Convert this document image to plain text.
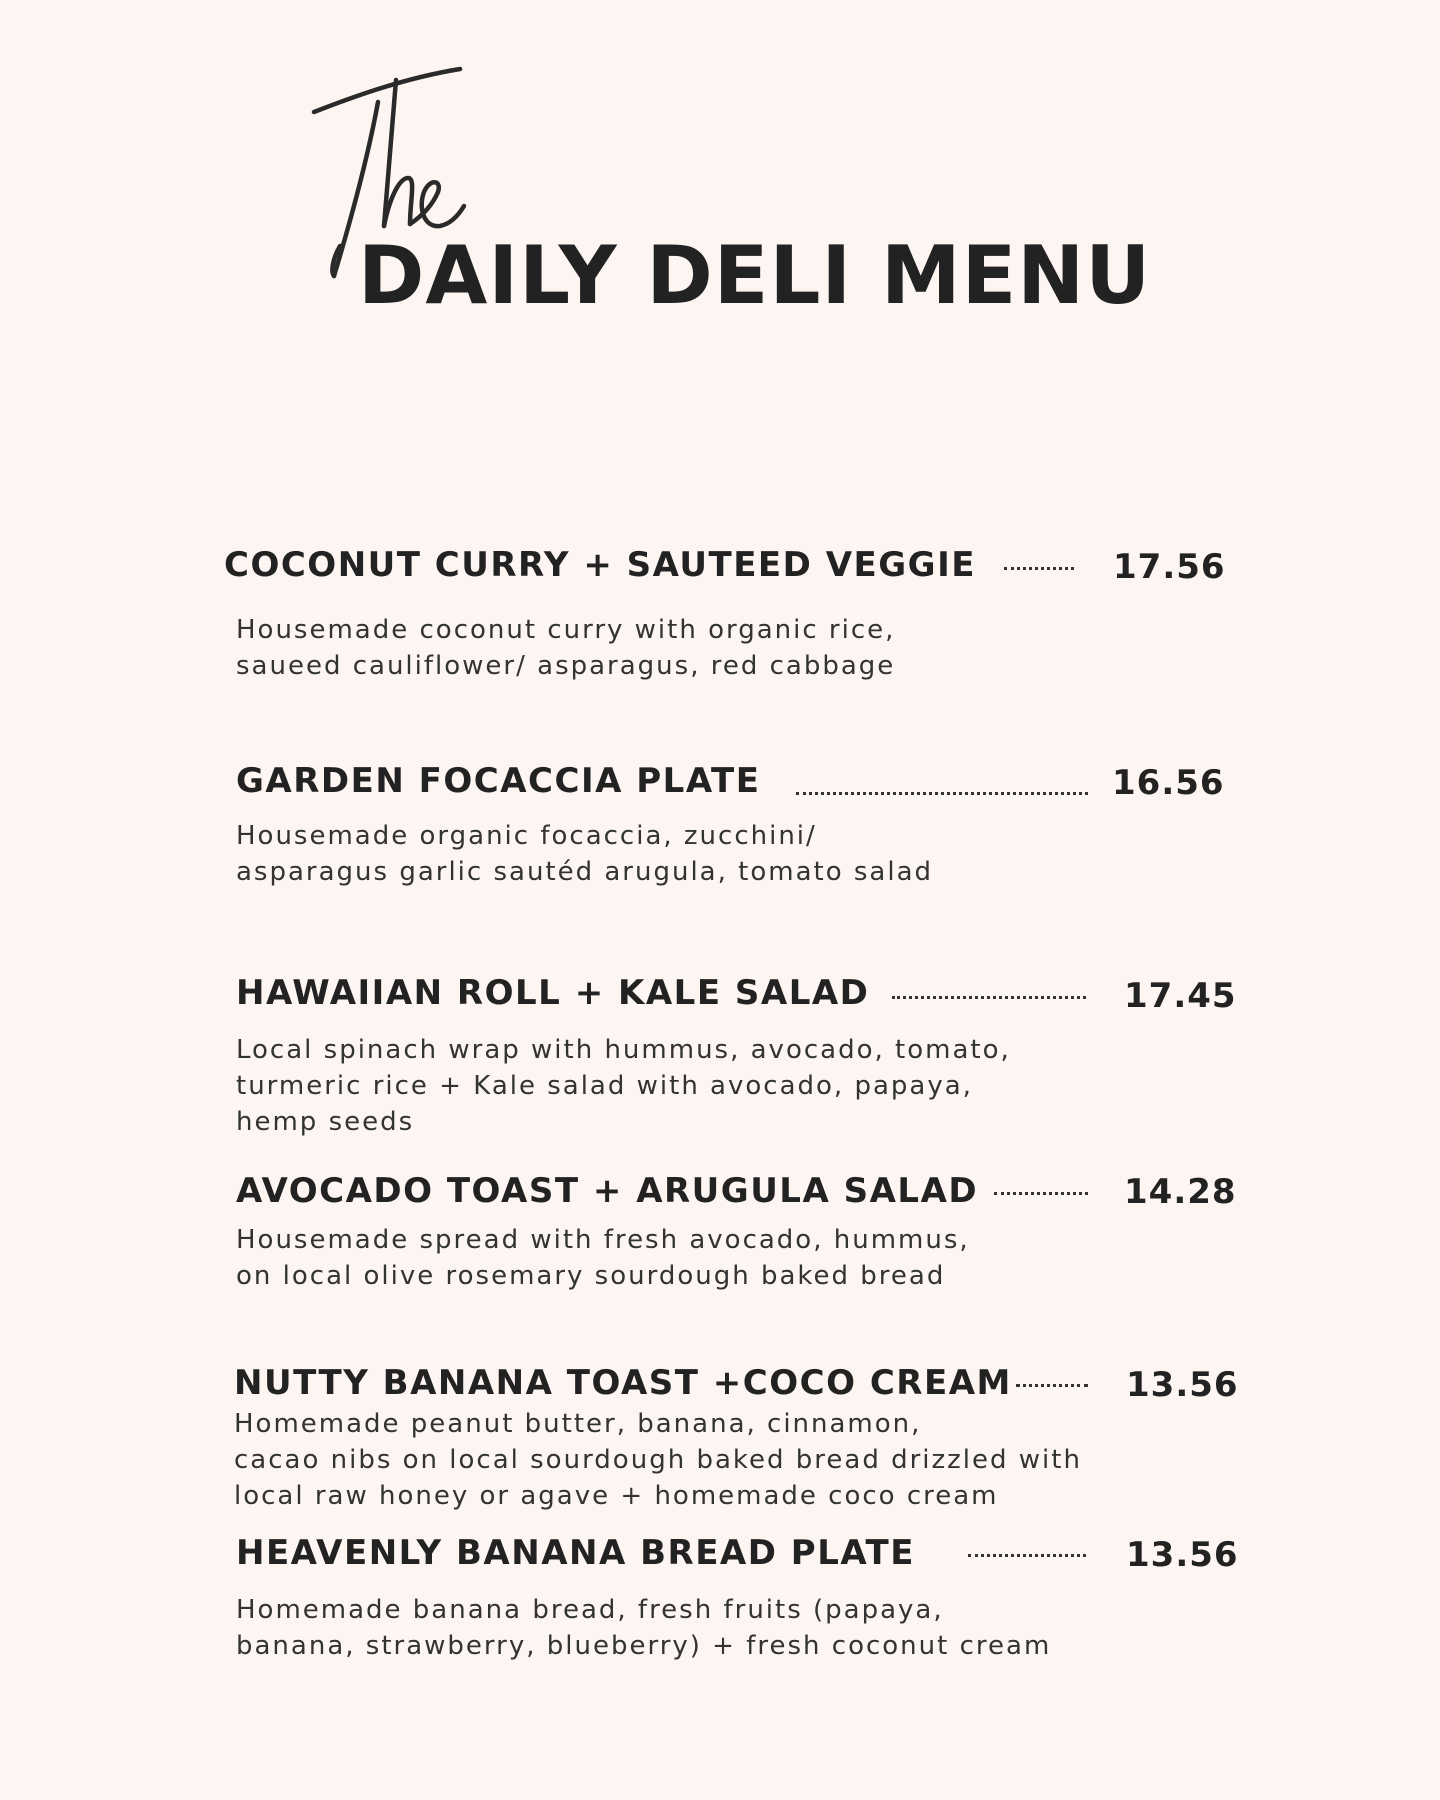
DAILY DELI MENU
COCONUT CURRY + SAUTEED VEGGIE	17.56

Housemade coconut curry with organic rice,
saueed cauliflower/ asparagus, red cabbage

GARDEN FOCACCIA PLATE	16.56

Housemade organic focaccia, zucchini/
asparagus garlic sautéd arugula, tomato salad

HAWAIIAN ROLL + KALE SALAD	17.45

Local spinach wrap with hummus, avocado, tomato,
turmeric rice + Kale salad with avocado, papaya,
hemp seeds

AVOCADO TOAST + ARUGULA SALAD	14.28

Housemade spread with fresh avocado, hummus,
on local olive rosemary sourdough baked bread

NUTTY BANANA TOAST +COCO CREAM	13.56

Homemade peanut butter, banana, cinnamon,
cacao nibs on local sourdough baked bread drizzled with
local raw honey or agave + homemade coco cream

HEAVENLY BANANA BREAD PLATE	13.56

Homemade banana bread, fresh fruits (papaya,
banana, strawberry, blueberry) + fresh coconut cream
